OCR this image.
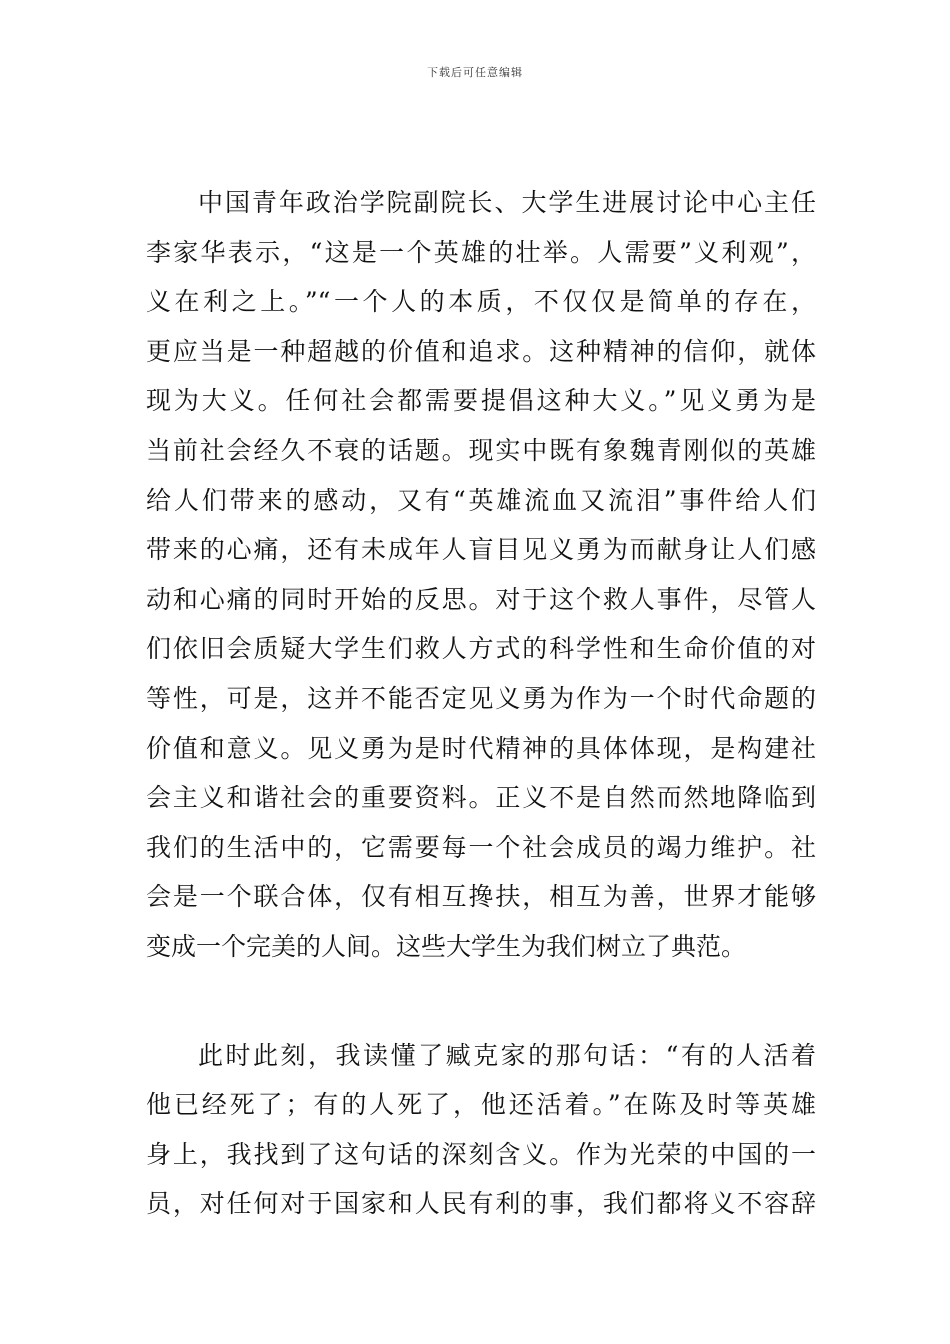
下载后可任意编辑

中国青年政治学院副院长、大学生进展讨论中心主任
李家华表示，“这是一个英雄的壮举。人需要”义利观”，
义在利之上。”“一个人的本质，不仅仅是简单的存在，
更应当是一种超越的价值和追求。这种精神的信仰，就体
现为大义。任何社会都需要提倡这种大义。”见义勇为是
当前社会经久不衰的话题。现实中既有象魏青刚似的英雄
给人们带来的感动，又有“英雄流血又流泪”事件给人们
带来的心痛，还有未成年人盲目见义勇为而献身让人们感
动和心痛的同时开始的反思。对于这个救人事件，尽管人
们依旧会质疑大学生们救人方式的科学性和生命价值的对
等性，可是，这并不能否定见义勇为作为一个时代命题的
价值和意义。见义勇为是时代精神的具体体现，是构建社
会主义和谐社会的重要资料。正义不是自然而然地降临到
我们的生活中的，它需要每一个社会成员的竭力维护。社
会是一个联合体，仅有相互搀扶，相互为善，世界才能够
变成一个完美的人间。这些大学生为我们树立了典范。

此时此刻，我读懂了臧克家的那句话：“有的人活着
他已经死了；有的人死了，他还活着。”在陈及时等英雄
身上，我找到了这句话的深刻含义。作为光荣的中国的一
员，对任何对于国家和人民有利的事，我们都将义不容辞
